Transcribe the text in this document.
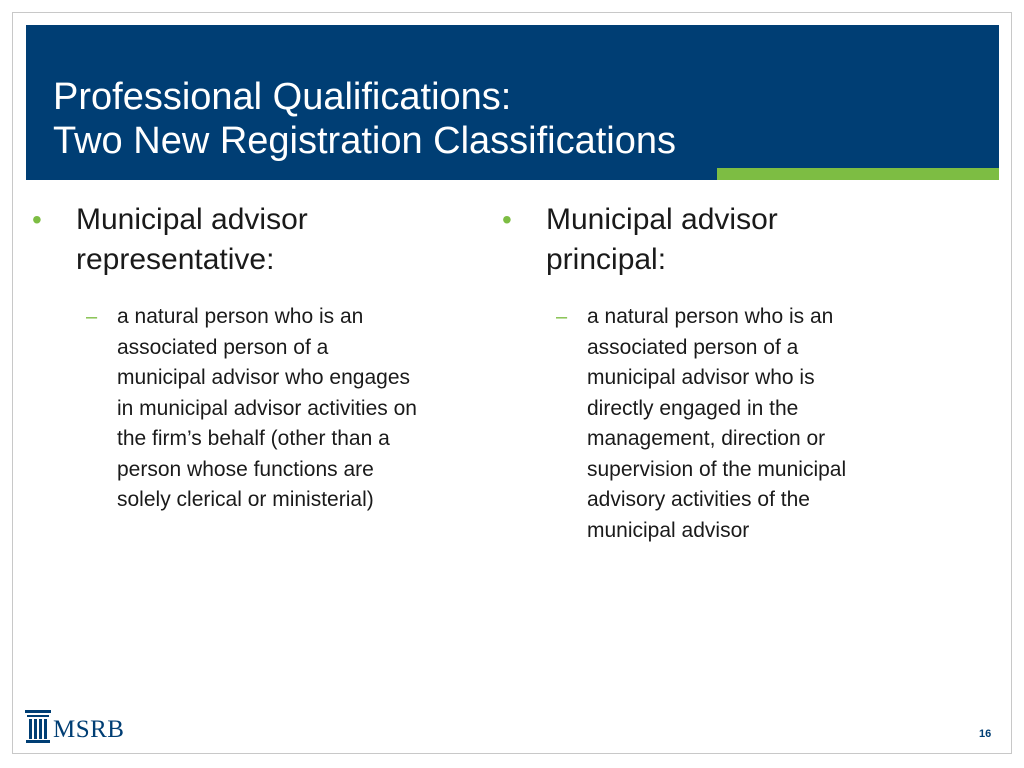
Professional Qualifications:
Two New Registration Classifications
•	Municipal advisor
representative:
– a natural person who is an
associated person of a
municipal advisor who engages
in municipal advisor activities on
the firm’s behalf (other than a
person whose functions are
solely clerical or ministerial)
•	Municipal advisor
principal:
– a natural person who is an
associated person of a
municipal advisor who is
directly engaged in the
management, direction or
supervision of the municipal
advisory activities of the
municipal advisor
MSRB	16
